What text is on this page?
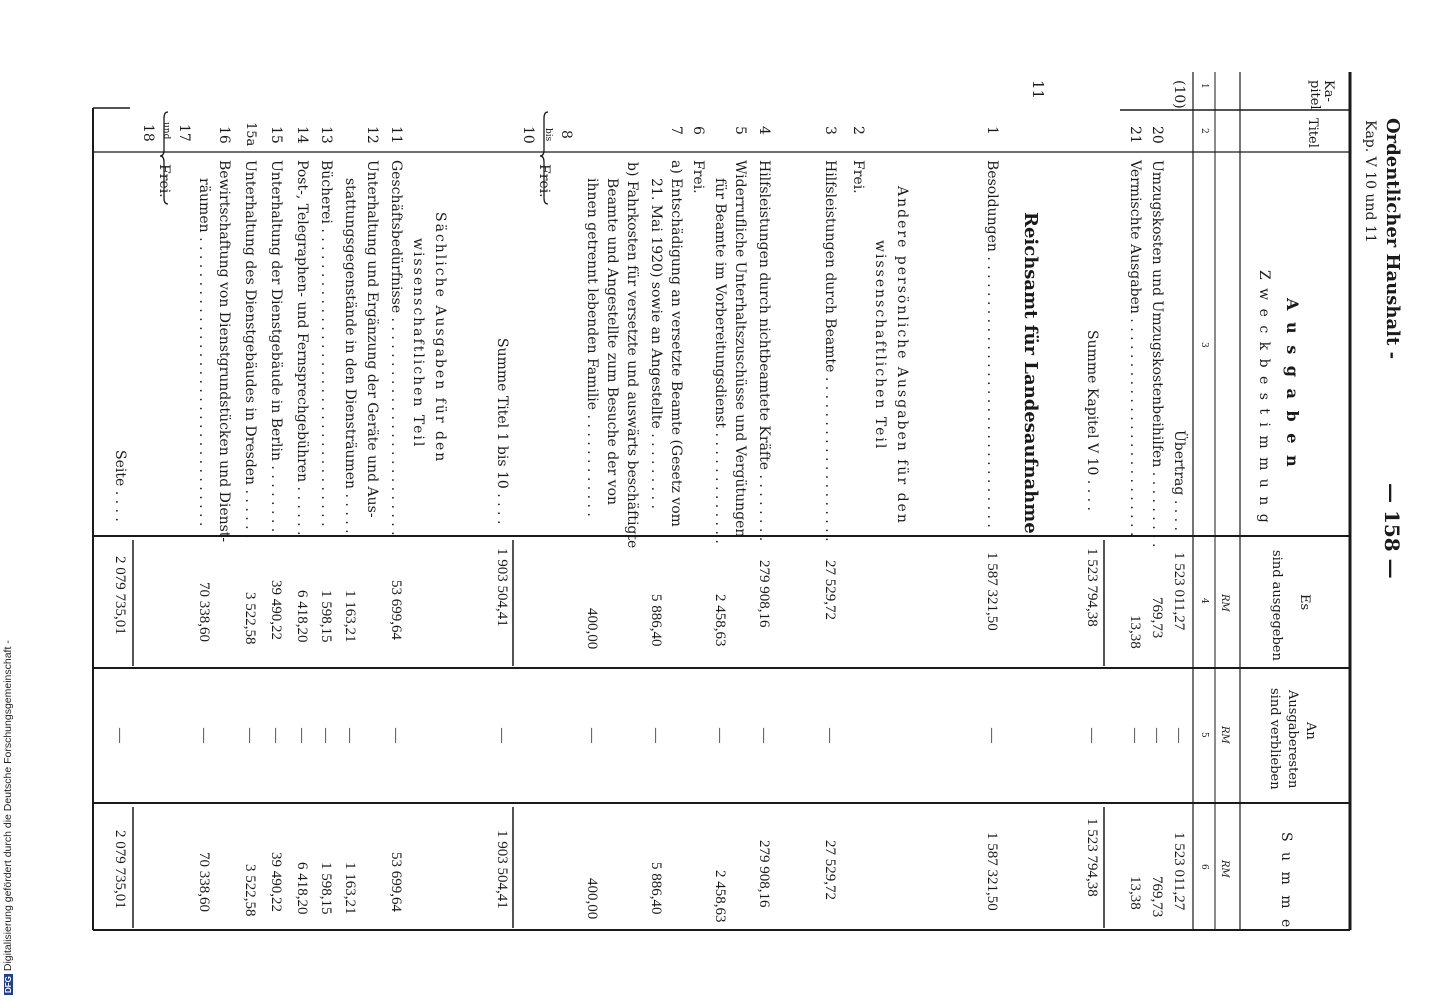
Ordentlicher Haushalt -
Kap. V 10 und 11
— 158 —
Ka-
pitel
Titel
A u s g a b e n
Z w e c k b e s t i m m u n g
Es
sind ausgegeben
An
Ausgaberesten
sind verblieben
S u m m e
1
2
3
4
5
6
RM
RM
RM
Übertrag . . . .
1 523 011,27
—
1 523 011,27
(10)
20
Umzugskosten und Umzugskostenbeihilfen . . . . . . . . .
769,73
—
769,73
21
Vermischte Ausgaben . . . . . . . . . . . . . . . . . . . . . . . . .
13,38
—
13,38
Summe Kapitel V 10 . . . .
1 523 794,38
—
1 523 794,38
11
Reichsamt für Landesaufnahme
1
Besoldungen . . . . . . . . . . . . . . . . . . . . . . . . . . . . . . .
1 587 321,50
—
1 587 321,50
Andere persönliche Ausgaben für den
wissenschaftlichen Teil
2
Frei.
3
Hilfsleistungen durch Beamte . . . . . . . . . . . . . . . . . . .
27 529,72
—
27 529,72
4
Hilfsleistungen durch nichtbeamtete Kräfte . . . . . . . .
279 908,16
—
279 908,16
5
Widerrufliche Unterhaltszuschüsse und Vergütungen
für Beamte im Vorbereitungsdienst . . . . . . . . . . . . .
2 458,63
—
2 458,63
6
Frei.
7
a) Entschädigung an versetzte Beamte (Gesetz vom
21. Mai 1920) sowie an Angestellte . . . . . . . . .
5 886,40
—
5 886,40
b) Fahrkosten für versetzte und auswärts beschäftigte
Beamte und Angestellte zum Besuche der von
ihnen getrennt lebenden Familie . . . . . . . . . . . .
400,00
—
400,00
8
bis
10
Frei.
Summe Titel 1 bis 10 . . . .
1 903 504,41
—
1 903 504,41
Sächliche Ausgaben für den
wissenschaftlichen Teil
11
Geschäftsbedürfnisse . . . . . . . . . . . . . . . . . . . . . . . . .
53 699,64
—
53 699,64
12
Unterhaltung und Ergänzung der Geräte und Aus-
stattungsgegenstände in den Diensträumen . . . . .
1 163,21
—
1 163,21
13
Bücherei . . . . . . . . . . . . . . . . . . . . . . . . . . . . . . . . . .
1 598,15
—
1 598,15
14
Post-, Telegraphen- und Fernsprechgebühren . . . . . .
6 418,20
—
6 418,20
15
Unterhaltung der Dienstgebäude in Berlin . . . . . . . .
39 490,22
—
39 490,22
15a
Unterhaltung des Dienstgebäudes in Dresden . . . . . .
3 522,58
—
3 522,58
16
Bewirtschaftung von Dienstgrundstücken und Dienst-
räumen . . . . . . . . . . . . . . . . . . . . . . . . . . . . . . . . .
70 338,60
—
70 338,60
17
und
18
Frei.
Seite . . . .
2 079 735,01
—
2 079 735,01
DFGDigitalisierung gefördert durch die Deutsche Forschungsgemeinschaft -
